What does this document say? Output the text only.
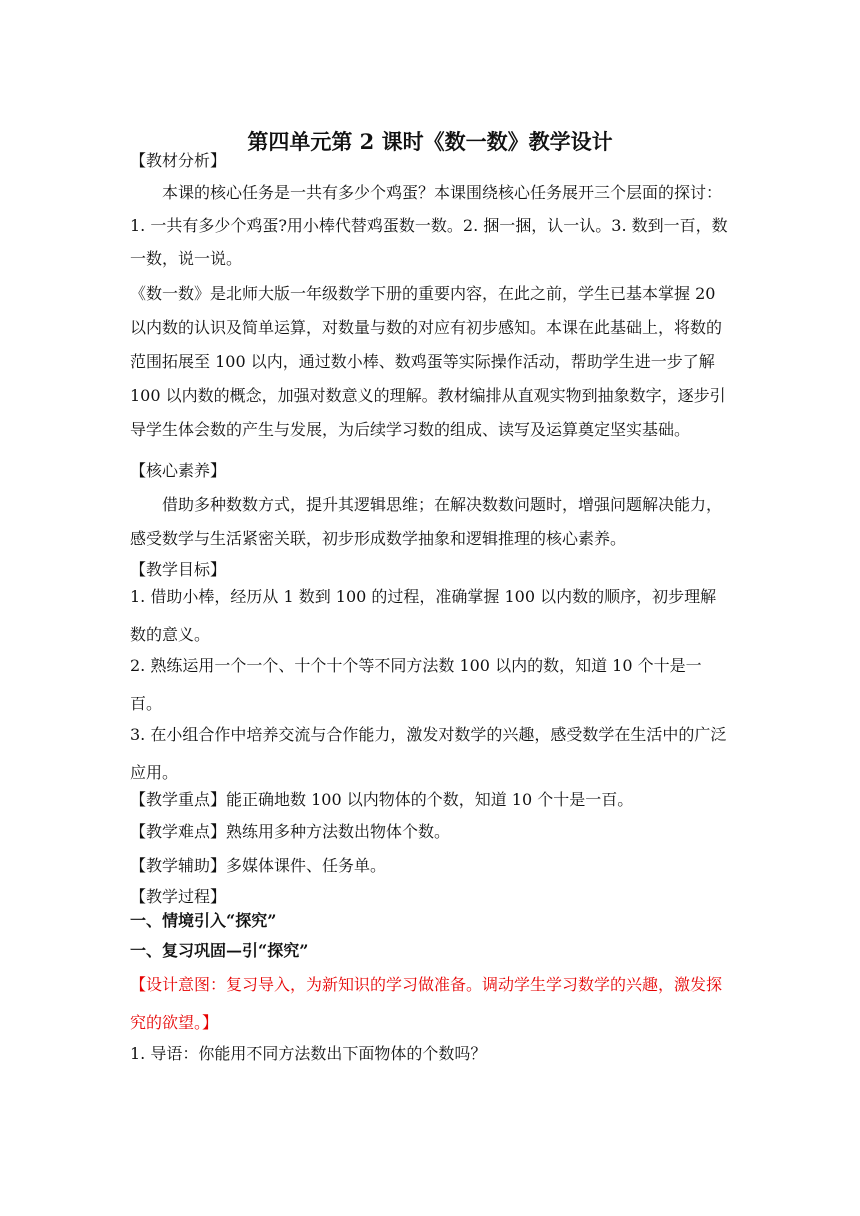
第四单元第 2 课时《数一数》教学设计

【教材分析】

本课的核心任务是一共有多少个鸡蛋？本课围绕核心任务展开三个层面的探讨：1. 一共有多少个鸡蛋?用小棒代替鸡蛋数一数。2. 捆一捆，认一认。3. 数到一百，数一数，说一说。

《数一数》是北师大版一年级数学下册的重要内容，在此之前，学生已基本掌握 20 以内数的认识及简单运算，对数量与数的对应有初步感知。本课在此基础上，将数的范围拓展至 100 以内，通过数小棒、数鸡蛋等实际操作活动，帮助学生进一步了解 100 以内数的概念，加强对数意义的理解。教材编排从直观实物到抽象数字，逐步引导学生体会数的产生与发展，为后续学习数的组成、读写及运算奠定坚实基础。

【核心素养】

借助多种数数方式，提升其逻辑思维；在解决数数问题时，增强问题解决能力，感受数学与生活紧密关联，初步形成数学抽象和逻辑推理的核心素养。

【教学目标】

1. 借助小棒，经历从 1 数到 100 的过程，准确掌握 100 以内数的顺序，初步理解数的意义。

2. 熟练运用一个一个、十个十个等不同方法数 100 以内的数，知道 10 个十是一百。

3. 在小组合作中培养交流与合作能力，激发对数学的兴趣，感受数学在生活中的广泛应用。

【教学重点】能正确地数 100 以内物体的个数，知道 10 个十是一百。

【教学难点】熟练用多种方法数出物体个数。

【教学辅助】多媒体课件、任务单。

【教学过程】

一、情境引入“探究”

一、复习巩固—引“探究”

【设计意图：复习导入，为新知识的学习做准备。调动学生学习数学的兴趣，激发探究的欲望。】

1. 导语：你能用不同方法数出下面物体的个数吗？
